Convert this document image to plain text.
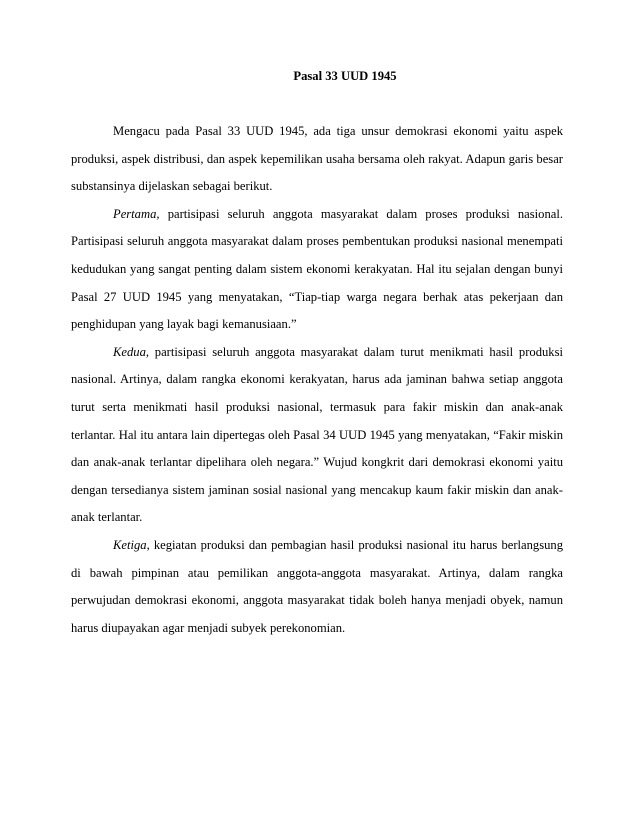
Pasal 33 UUD 1945

Mengacu pada Pasal 33 UUD 1945, ada tiga unsur demokrasi ekonomi yaitu aspek produksi, aspek distribusi, dan aspek kepemilikan usaha bersama oleh rakyat. Adapun garis besar substansinya dijelaskan sebagai berikut.

Pertama, partisipasi seluruh anggota masyarakat dalam proses produksi nasional. Partisipasi seluruh anggota masyarakat dalam proses pembentukan produksi nasional menempati kedudukan yang sangat penting dalam sistem ekonomi kerakyatan. Hal itu sejalan dengan bunyi Pasal 27 UUD 1945 yang menyatakan, “Tiap-tiap warga negara berhak atas pekerjaan dan penghidupan yang layak bagi kemanusiaan.”

Kedua, partisipasi seluruh anggota masyarakat dalam turut menikmati hasil produksi nasional. Artinya, dalam rangka ekonomi kerakyatan, harus ada jaminan bahwa setiap anggota turut serta menikmati hasil produksi nasional, termasuk para fakir miskin dan anak-anak terlantar. Hal itu antara lain dipertegas oleh Pasal 34 UUD 1945 yang menyatakan, “Fakir miskin dan anak-anak terlantar dipelihara oleh negara.” Wujud kongkrit dari demokrasi ekonomi yaitu dengan tersedianya sistem jaminan sosial nasional yang mencakup kaum fakir miskin dan anak-anak terlantar.

Ketiga, kegiatan produksi dan pembagian hasil produksi nasional itu harus berlangsung di bawah pimpinan atau pemilikan anggota-anggota masyarakat. Artinya, dalam rangka perwujudan demokrasi ekonomi, anggota masyarakat tidak boleh hanya menjadi obyek, namun harus diupayakan agar menjadi subyek perekonomian.
